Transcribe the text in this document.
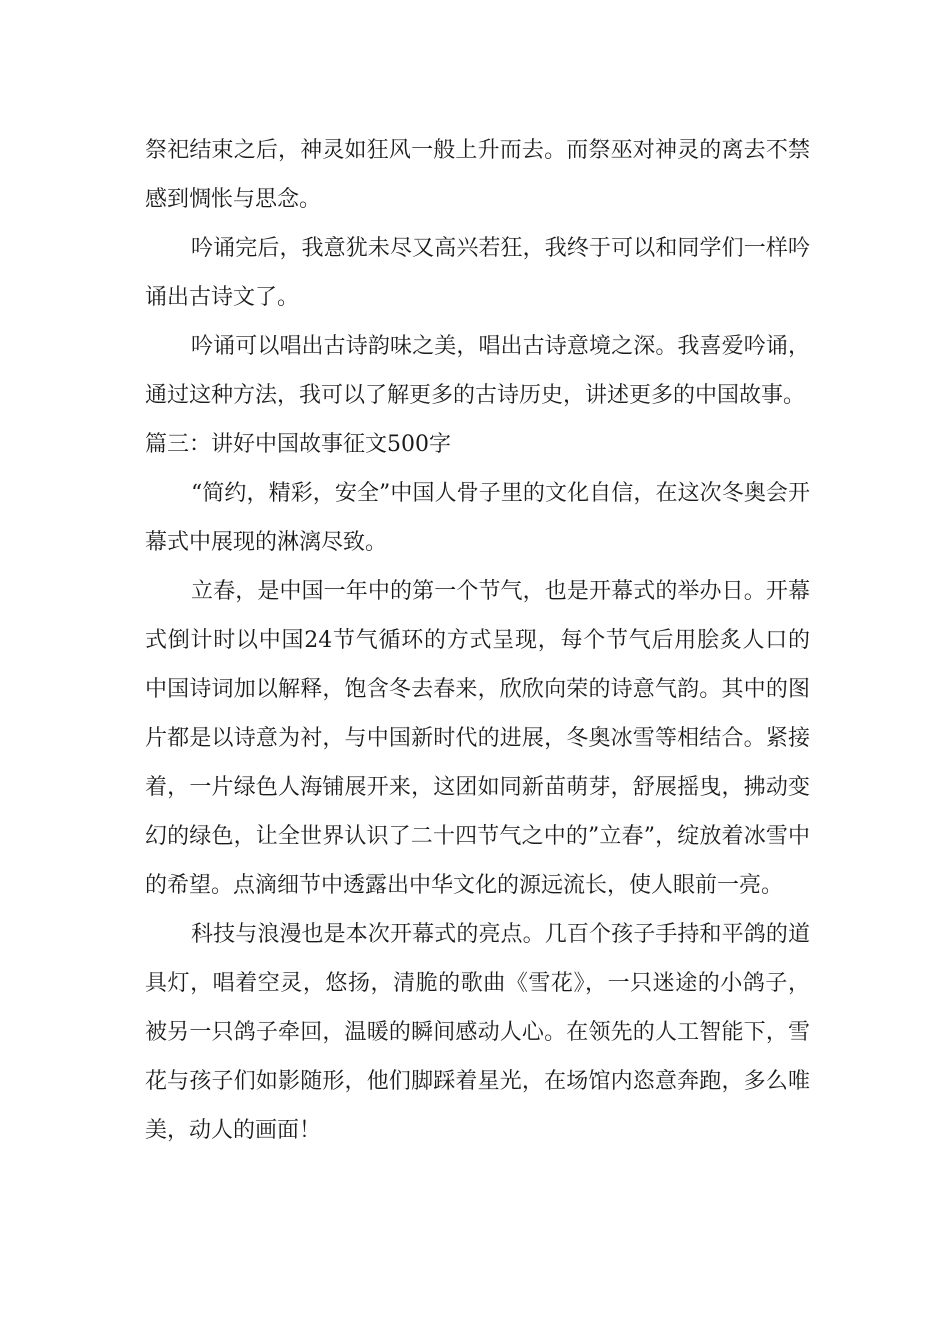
祭祀结束之后，神灵如狂风一般上升而去。而祭巫对神灵的离去不禁感到惆怅与思念。

吟诵完后，我意犹未尽又高兴若狂，我终于可以和同学们一样吟诵出古诗文了。

吟诵可以唱出古诗韵味之美，唱出古诗意境之深。我喜爱吟诵，通过这种方法，我可以了解更多的古诗历史，讲述更多的中国故事。

篇三：讲好中国故事征文500字

“简约，精彩，安全”中国人骨子里的文化自信，在这次冬奥会开幕式中展现的淋漓尽致。

立春，是中国一年中的第一个节气，也是开幕式的举办日。开幕式倒计时以中国24节气循环的方式呈现，每个节气后用脍炙人口的中国诗词加以解释，饱含冬去春来，欣欣向荣的诗意气韵。其中的图片都是以诗意为衬，与中国新时代的进展，冬奥冰雪等相结合。紧接着，一片绿色人海铺展开来，这团如同新苗萌芽，舒展摇曳，拂动变幻的绿色，让全世界认识了二十四节气之中的”立春”，绽放着冰雪中的希望。点滴细节中透露出中华文化的源远流长，使人眼前一亮。

科技与浪漫也是本次开幕式的亮点。几百个孩子手持和平鸽的道具灯，唱着空灵，悠扬，清脆的歌曲《雪花》，一只迷途的小鸽子，被另一只鸽子牵回，温暖的瞬间感动人心。在领先的人工智能下，雪花与孩子们如影随形，他们脚踩着星光，在场馆内恣意奔跑，多么唯美，动人的画面！
